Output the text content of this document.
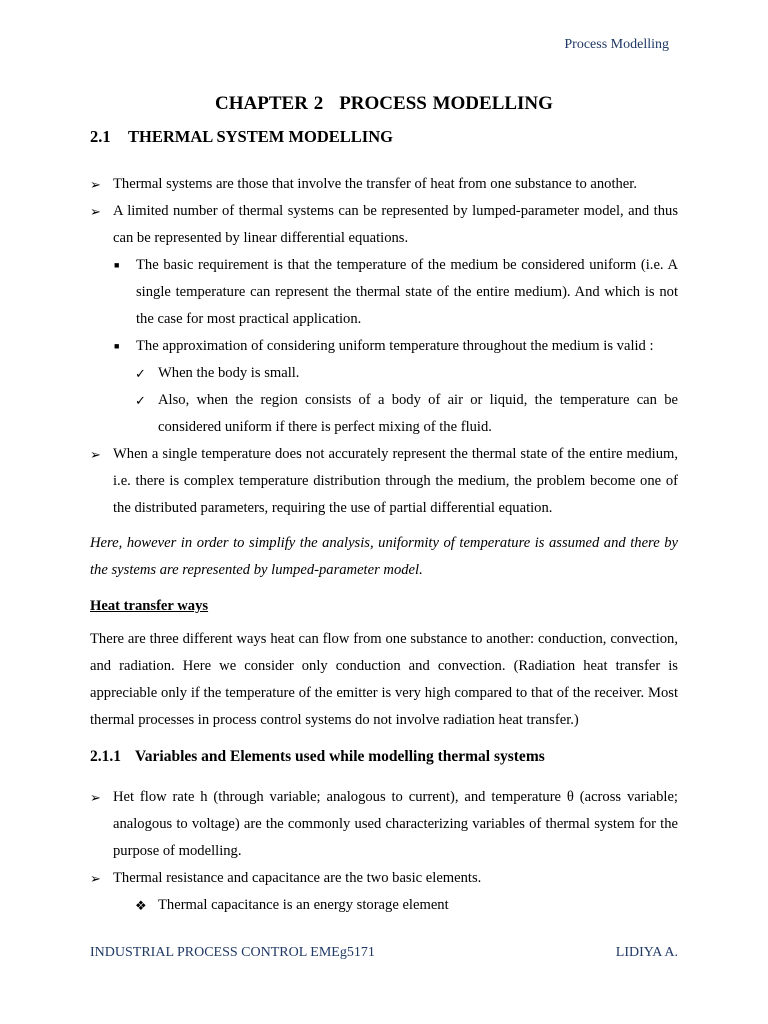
Process Modelling
CHAPTER 2 PROCESS MODELLING
2.1 THERMAL SYSTEM MODELLING
➢ Thermal systems are those that involve the transfer of heat from one substance to another.
➢ A limited number of thermal systems can be represented by lumped-parameter model, and thus can be represented by linear differential equations.
■ The basic requirement is that the temperature of the medium be considered uniform (i.e. A single temperature can represent the thermal state of the entire medium). And which is not the case for most practical application.
■ The approximation of considering uniform temperature throughout the medium is valid :
✓ When the body is small.
✓ Also, when the region consists of a body of air or liquid, the temperature can be considered uniform if there is perfect mixing of the fluid.
➢ When a single temperature does not accurately represent the thermal state of the entire medium, i.e. there is complex temperature distribution through the medium, the problem become one of the distributed parameters, requiring the use of partial differential equation.
Here, however in order to simplify the analysis, uniformity of temperature is assumed and there by the systems are represented by lumped-parameter model.
Heat transfer ways
There are three different ways heat can flow from one substance to another: conduction, convection, and radiation. Here we consider only conduction and convection. (Radiation heat transfer is appreciable only if the temperature of the emitter is very high compared to that of the receiver. Most thermal processes in process control systems do not involve radiation heat transfer.)
2.1.1 Variables and Elements used while modelling thermal systems
➢ Het flow rate h (through variable; analogous to current), and temperature θ (across variable; analogous to voltage) are the commonly used characterizing variables of thermal system for the purpose of modelling.
➢ Thermal resistance and capacitance are the two basic elements.
❖ Thermal capacitance is an energy storage element
INDUSTRIAL PROCESS CONTROL EMEg5171	LIDIYA A.
